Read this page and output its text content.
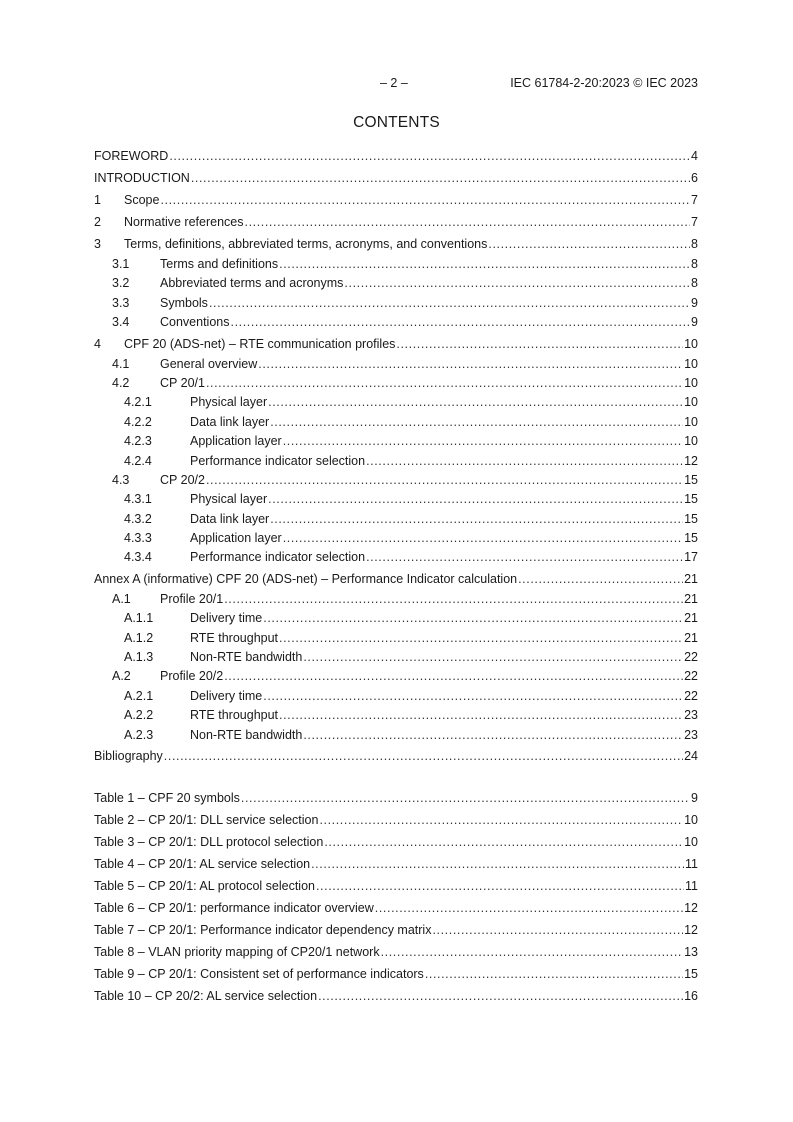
– 2 –	IEC 61784-2-20:2023 © IEC 2023
CONTENTS
FOREWORD .....	4
INTRODUCTION .....	6
1	Scope .....	7
2	Normative references .....	7
3	Terms, definitions, abbreviated terms, acronyms, and conventions .....	8
3.1	Terms and definitions .....	8
3.2	Abbreviated terms and acronyms .....	8
3.3	Symbols .....	9
3.4	Conventions .....	9
4	CPF 20 (ADS-net) – RTE communication profiles .....	10
4.1	General overview .....	10
4.2	CP 20/1 .....	10
4.2.1	Physical layer .....	10
4.2.2	Data link layer .....	10
4.2.3	Application layer .....	10
4.2.4	Performance indicator selection .....	12
4.3	CP 20/2 .....	15
4.3.1	Physical layer .....	15
4.3.2	Data link layer .....	15
4.3.3	Application layer .....	15
4.3.4	Performance indicator selection .....	17
Annex A (informative) CPF 20 (ADS-net) – Performance Indicator calculation .....	21
A.1	Profile 20/1 .....	21
A.1.1	Delivery time .....	21
A.1.2	RTE throughput .....	21
A.1.3	Non-RTE bandwidth .....	22
A.2	Profile 20/2 .....	22
A.2.1	Delivery time .....	22
A.2.2	RTE throughput .....	23
A.2.3	Non-RTE bandwidth .....	23
Bibliography .....	24
Table 1 – CPF 20 symbols .....	9
Table 2 – CP 20/1: DLL service selection .....	10
Table 3 – CP 20/1: DLL protocol selection .....	10
Table 4 – CP 20/1: AL service selection .....	11
Table 5 – CP 20/1: AL protocol selection .....	11
Table 6 – CP 20/1: performance indicator overview .....	12
Table 7 – CP 20/1: Performance indicator dependency matrix .....	12
Table 8 – VLAN priority mapping of CP20/1 network .....	13
Table 9 – CP 20/1: Consistent set of performance indicators .....	15
Table 10 – CP 20/2: AL service selection .....	16
